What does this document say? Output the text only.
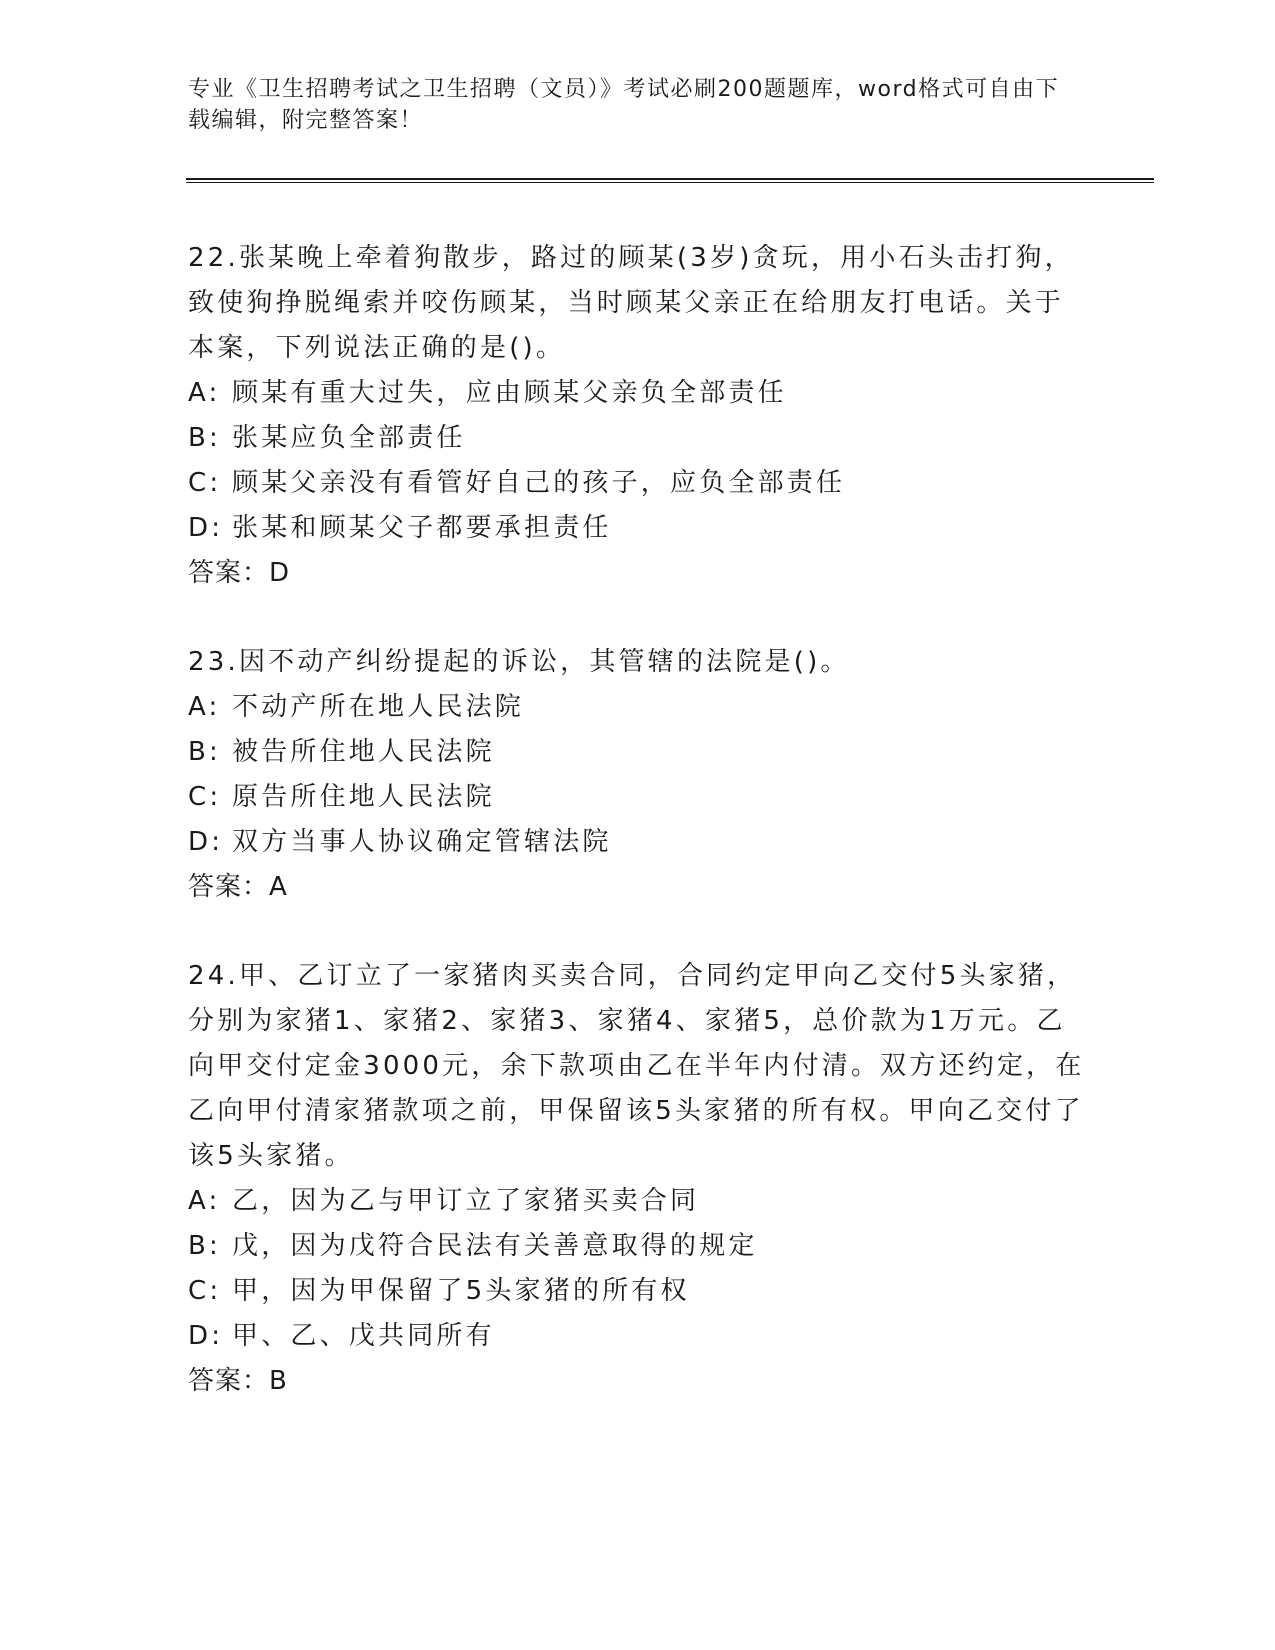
专业《卫生招聘考试之卫生招聘（文员）》考试必刷200题题库，word格式可自由下载编辑，附完整答案！

22.张某晚上牵着狗散步，路过的顾某(3岁)贪玩，用小石头击打狗，致使狗挣脱绳索并咬伤顾某，当时顾某父亲正在给朋友打电话。关于本案，下列说法正确的是()。

A: 顾某有重大过失，应由顾某父亲负全部责任
B: 张某应负全部责任
C: 顾某父亲没有看管好自己的孩子，应负全部责任
D: 张某和顾某父子都要承担责任

答案：D

23.因不动产纠纷提起的诉讼，其管辖的法院是()。

A: 不动产所在地人民法院
B: 被告所住地人民法院
C: 原告所住地人民法院
D: 双方当事人协议确定管辖法院

答案：A

24.甲、乙订立了一家猪肉买卖合同，合同约定甲向乙交付5头家猪，分别为家猪1、家猪2、家猪3、家猪4、家猪5，总价款为1万元。乙向甲交付定金3000元，余下款项由乙在半年内付清。双方还约定，在乙向甲付清家猪款项之前，甲保留该5头家猪的所有权。甲向乙交付了该5头家猪。

A: 乙，因为乙与甲订立了家猪买卖合同
B: 戊，因为戊符合民法有关善意取得的规定
C: 甲，因为甲保留了5头家猪的所有权
D: 甲、乙、戊共同所有

答案：B
